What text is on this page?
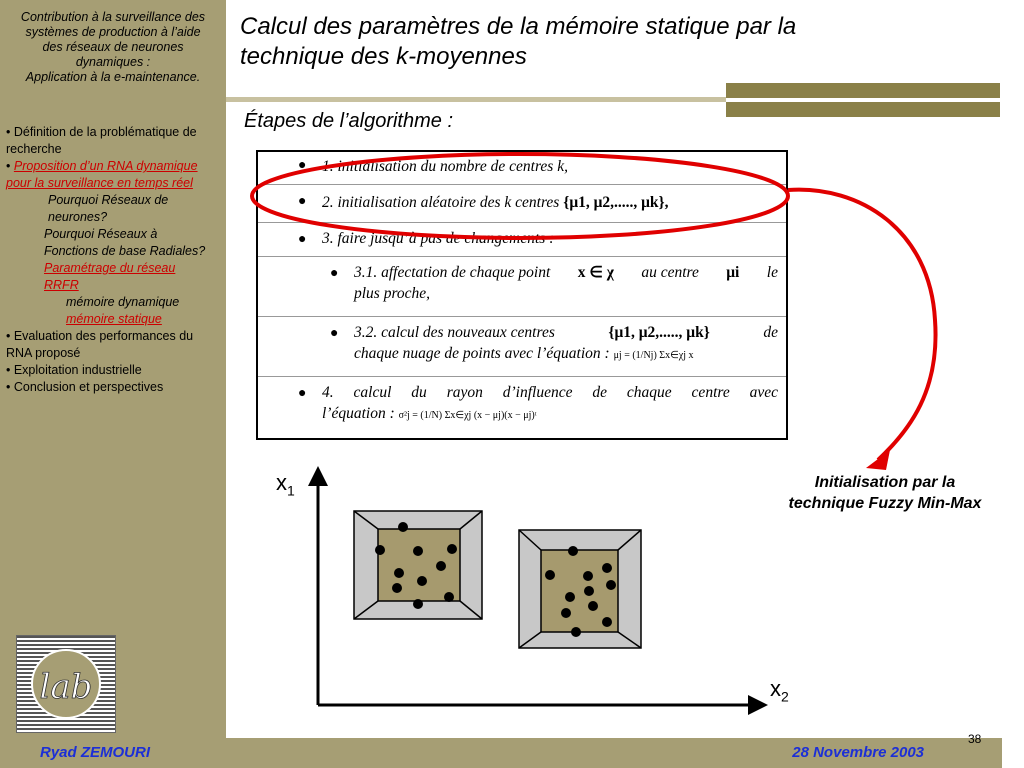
Contribution à la surveillance des
systèmes de production à l’aide
des réseaux de neurones
dynamiques :
Application à la e-maintenance.
• Définition de la problématique de recherche
• Proposition d’un RNA dynamique pour la surveillance en temps réel
Pourquoi Réseaux de
neurones?
Pourquoi Réseaux à
Fonctions de base Radiales?
Paramétrage du réseau
RRFR
mémoire dynamique
mémoire statique
• Evaluation des performances du RNA proposé
• Exploitation industrielle
• Conclusion et perspectives
lab
Calcul des paramètres de la mémoire statique par la
technique des k-moyennes
Étapes de l’algorithme :
● 1. initialisation du nombre de centres k,
● 2. initialisation aléatoire des k centres {μ1, μ2,....., μk},
● 3. faire jusqu’à pas de changements :
● 3.1. affectation de chaque point x ∈ χ au centre μi le
plus proche,
● 3.2. calcul des nouveaux centres	{μ1, μ2,....., μk}	de
chaque nuage de points avec l’équation : μj = (1/Nj) Σx∈χj x
● 4. calcul du rayon d’influence de chaque centre avec
l’équation : σ²j = (1/N) Σx∈χj (x − μj)(x − μj)ᵗ
$x_1$
$x_2$
Initialisation par la
technique Fuzzy Min-Max
Ryad ZEMOURI	28 Novembre 2003
38
